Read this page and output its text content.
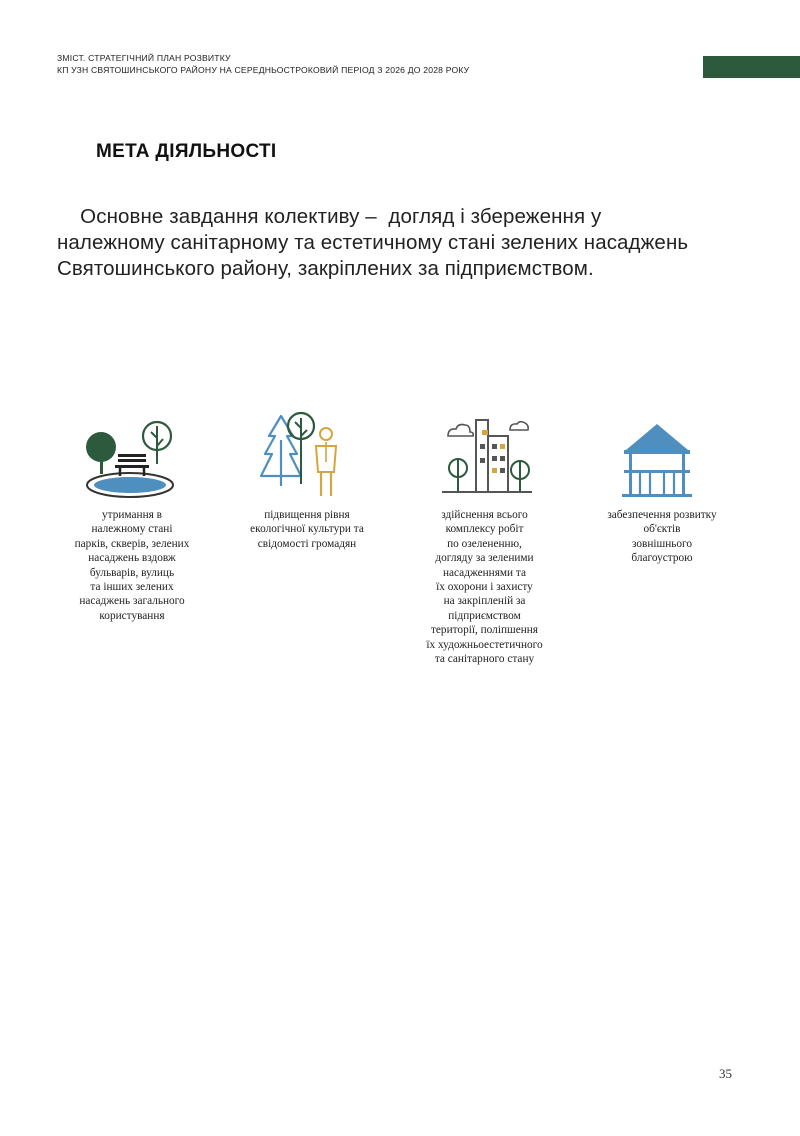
ЗМІСТ. СТРАТЕГІЧНИЙ ПЛАН РОЗВИТКУ
КП УЗН СВЯТОШИНСЬКОГО РАЙОНУ НА СЕРЕДНЬОСТРОКОВИЙ ПЕРІОД З 2026 ДО 2028 РОКУ
МЕТА ДІЯЛЬНОСТІ

Основне завдання колективу –  догляд і збереження у

належному санітарному та естетичному стані зелених насаджень

Святошинського району, закріплених за підприємством.

утримання в
належному стані
парків, скверів, зелених
насаджень вздовж
бульварів, вулиць
та інших зелених
насаджень загального
користування
підвищення рівня
екологічної культури та
свідомості громадян
здійснення всього
комплексу робіт
по озелененню,
догляду за зеленими
насадженнями та
їх охорони і захисту
на закріпленій за
підприємством
території, поліпшення
їх художньоестетичного
та санітарного стану
забезпечення розвитку
об'єктів
зовнішнього
благоустрою
35
